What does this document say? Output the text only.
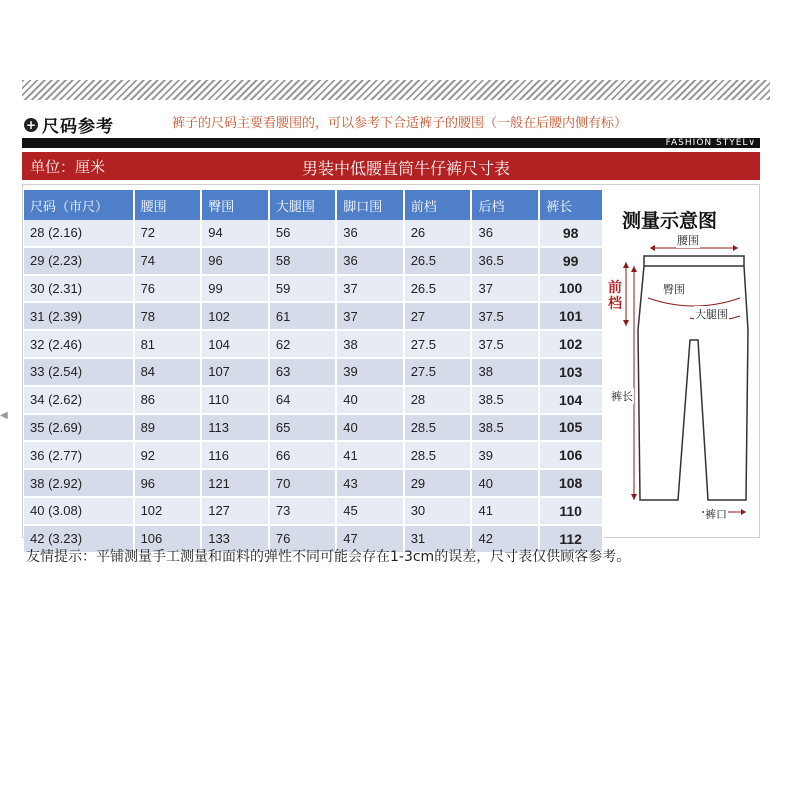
+ 尺码参考	裤子的尺码主要看腰围的，可以参考下合适裤子的腰围（一般在后腰内侧有标）
FASHION STYEL∨
单位：厘米	男装中低腰直筒牛仔裤尺寸表
尺码（市尺）	腰围	臀围	大腿围	脚口围	前档	后档	裤长
28 (2.16)	72	94	56	36	26	36	98
29 (2.23)	74	96	58	36	26.5	36.5	99
30 (2.31)	76	99	59	37	26.5	37	100
31 (2.39)	78	102	61	37	27	37.5	101
32 (2.46)	81	104	62	38	27.5	37.5	102
33 (2.54)	84	107	63	39	27.5	38	103
34 (2.62)	86	110	64	40	28	38.5	104
35 (2.69)	89	113	65	40	28.5	38.5	105
36 (2.77)	92	116	66	41	28.5	39	106
38 (2.92)	96	121	70	43	29	40	108
40 (3.08)	102	127	73	45	30	41	110
42 (3.23)	106	133	76	47	31	42	112
测量示意图
腰围
臀围
大腿围
前档
裤长
裤口
友情提示：平铺测量手工测量和面料的弹性不同可能会存在1-3cm的误差，尺寸表仅供顾客参考。
◀
